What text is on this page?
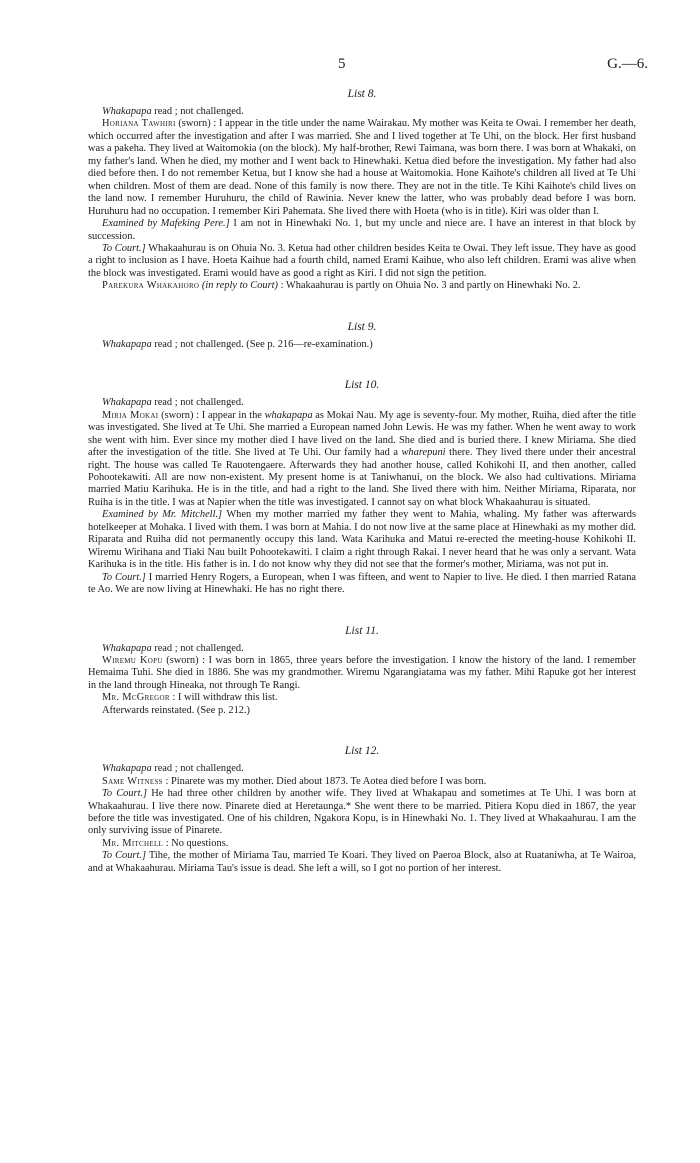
5	G.—6.
List 8.

Whakapapa read ; not challenged.

Horiana Tawhiri (sworn) : I appear in the title under the name Wairakau. My mother was Keita te Owai. I remember her death, which occurred after the investigation and after I was married. She and I lived together at Te Uhi, on the block. Her first husband was a pakeha. They lived at Waitomokia (on the block). My half-brother, Rewi Taimana, was born there. I was born at Whakaki, on my father's land. When he died, my mother and I went back to Hinewhaki. Ketua died before the investigation. My father had also died before then. I do not remember Ketua, but I know she had a house at Waitomokia. Hone Kaihote's children all lived at Te Uhi when children. Most of them are dead. None of this family is now there. They are not in the title. Te Kihi Kaihote's child lives on the land now. I remember Huruhuru, the child of Rawinia. Never knew the latter, who was probably dead before I was born. Huruhuru had no occupation. I remember Kiri Pahemata. She lived there with Hoeta (who is in title). Kiri was older than I.

Examined by Mafeking Pere.] I am not in Hinewhaki No. 1, but my uncle and niece are. I have an interest in that block by succession.

To Court.] Whakaahurau is on Ohuia No. 3. Ketua had other children besides Keita te Owai. They left issue. They have as good a right to inclusion as I have. Hoeta Kaihue had a fourth child, named Erami Kaihue, who also left children. Erami was alive when the block was investigated. Erami would have as good a right as Kiri. I did not sign the petition.

Parekura Whakahoro (in reply to Court) : Whakaahurau is partly on Ohuia No. 3 and partly on Hinewhaki No. 2.

List 9.

Whakapapa read ; not challenged. (See p. 216—re-examination.)

List 10.

Whakapapa read ; not challenged.

Miria Mokai (sworn) : I appear in the whakapapa as Mokai Nau. My age is seventy-four. My mother, Ruiha, died after the title was investigated. She lived at Te Uhi. She married a European named John Lewis. He was my father. When he went away to work she went with him. Ever since my mother died I have lived on the land. She died and is buried there. I knew Miriama. She died after the investigation of the title. She lived at Te Uhi. Our family had a wharepuni there. They lived there under their ancestral right. The house was called Te Rauotengaere. Afterwards they had another house, called Kohikohi II, and then another, called Pohootekawiti. All are now non-existent. My present home is at Taniwhanui, on the block. We also had cultivations. Miriama married Matiu Karihuka. He is in the title, and had a right to the land. She lived there with him. Neither Miriama, Riparata, nor Ruiha is in the title. I was at Napier when the title was investigated. I cannot say on what block Whakaahurau is situated.

Examined by Mr. Mitchell.] When my mother married my father they went to Mahia, whaling. My father was afterwards hotelkeeper at Mohaka. I lived with them. I was born at Mahia. I do not now live at the same place at Hinewhaki as my mother did. Riparata and Ruiha did not permanently occupy this land. Wata Karihuka and Matui re-erected the meeting-house Kohikohi II. Wiremu Wirihana and Tiaki Nau built Pohootekawiti. I claim a right through Rakai. I never heard that he was only a servant. Wata Karihuka is in the title. His father is in. I do not know why they did not see that the former's mother, Miriama, was not put in.

To Court.] I married Henry Rogers, a European, when I was fifteen, and went to Napier to live. He died. I then married Ratana te Ao. We are now living at Hinewhaki. He has no right there.

List 11.

Whakapapa read ; not challenged.

Wiremu Kopu (sworn) : I was born in 1865, three years before the investigation. I know the history of the land. I remember Hemaima Tuhi. She died in 1886. She was my grandmother. Wiremu Ngarangiatama was my father. Mihi Rapuke got her interest in the land through Hineaka, not through Te Rangi.

Mr. McGregor : I will withdraw this list.

Afterwards reinstated. (See p. 212.)

List 12.

Whakapapa read ; not challenged.

Same Witness : Pinarete was my mother. Died about 1873. Te Aotea died before I was born.

To Court.] He had three other children by another wife. They lived at Whakapau and sometimes at Te Uhi. I was born at Whakaahurau. I live there now. Pinarete died at Heretaunga.* She went there to be married. Pitiera Kopu died in 1867, the year before the title was investigated. One of his children, Ngakora Kopu, is in Hinewhaki No. 1. They lived at Whakaahurau. I am the only surviving issue of Pinarete.

Mr. Mitchell : No questions.

To Court.] Tihe, the mother of Miriama Tau, married Te Koari. They lived on Paeroa Block, also at Ruataniwha, at Te Wairoa, and at Whakaahurau. Miriama Tau's issue is dead. She left a will, so I got no portion of her interest.
